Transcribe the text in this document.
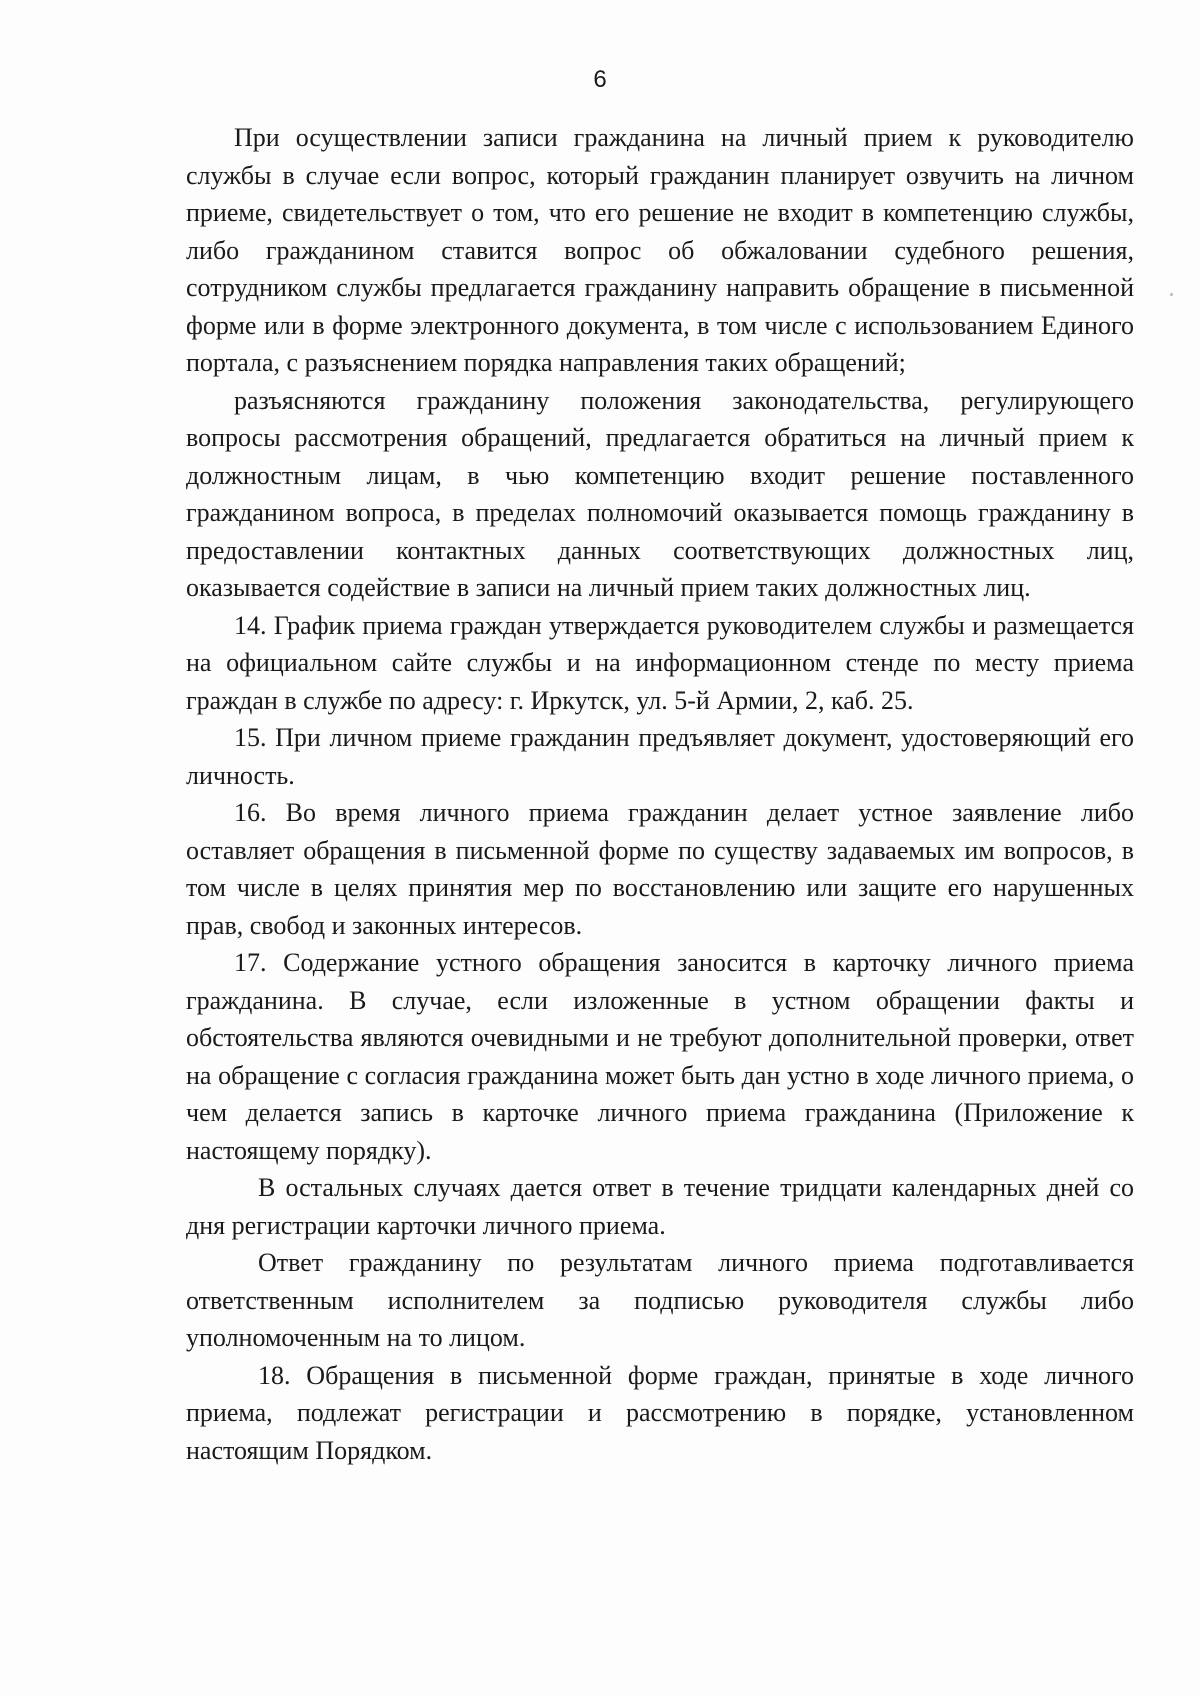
6

При осуществлении записи гражданина на личный прием к руководителю службы в случае если вопрос, который гражданин планирует озвучить на личном приеме, свидетельствует о том, что его решение не входит в компетенцию службы, либо гражданином ставится вопрос об обжаловании судебного решения, сотрудником службы предлагается гражданину направить обращение в письменной форме или в форме электронного документа, в том числе с использованием Единого портала, с разъяснением порядка направления таких обращений;

разъясняются гражданину положения законодательства, регулирующего вопросы рассмотрения обращений, предлагается обратиться на личный прием к должностным лицам, в чью компетенцию входит решение поставленного гражданином вопроса, в пределах полномочий оказывается помощь гражданину в предоставлении контактных данных соответствующих должностных лиц, оказывается содействие в записи на личный прием таких должностных лиц.

14. График приема граждан утверждается руководителем службы и размещается на официальном сайте службы и на информационном стенде по месту приема граждан в службе по адресу: г. Иркутск, ул. 5-й Армии, 2, каб. 25.

15. При личном приеме гражданин предъявляет документ, удостоверяющий его личность.

16. Во время личного приема гражданин делает устное заявление либо оставляет обращения в письменной форме по существу задаваемых им вопросов, в том числе в целях принятия мер по восстановлению или защите его нарушенных прав, свобод и законных интересов.

17. Содержание устного обращения заносится в карточку личного приема гражданина. В случае, если изложенные в устном обращении факты и обстоятельства являются очевидными и не требуют дополнительной проверки, ответ на обращение с согласия гражданина может быть дан устно в ходе личного приема, о чем делается запись в карточке личного приема гражданина (Приложение к настоящему порядку).

В остальных случаях дается ответ в течение тридцати календарных дней со дня регистрации карточки личного приема.

Ответ гражданину по результатам личного приема подготавливается ответственным исполнителем за подписью руководителя службы либо уполномоченным на то лицом.

18. Обращения в письменной форме граждан, принятые в ходе личного приема, подлежат регистрации и рассмотрению в порядке, установленном настоящим Порядком.
